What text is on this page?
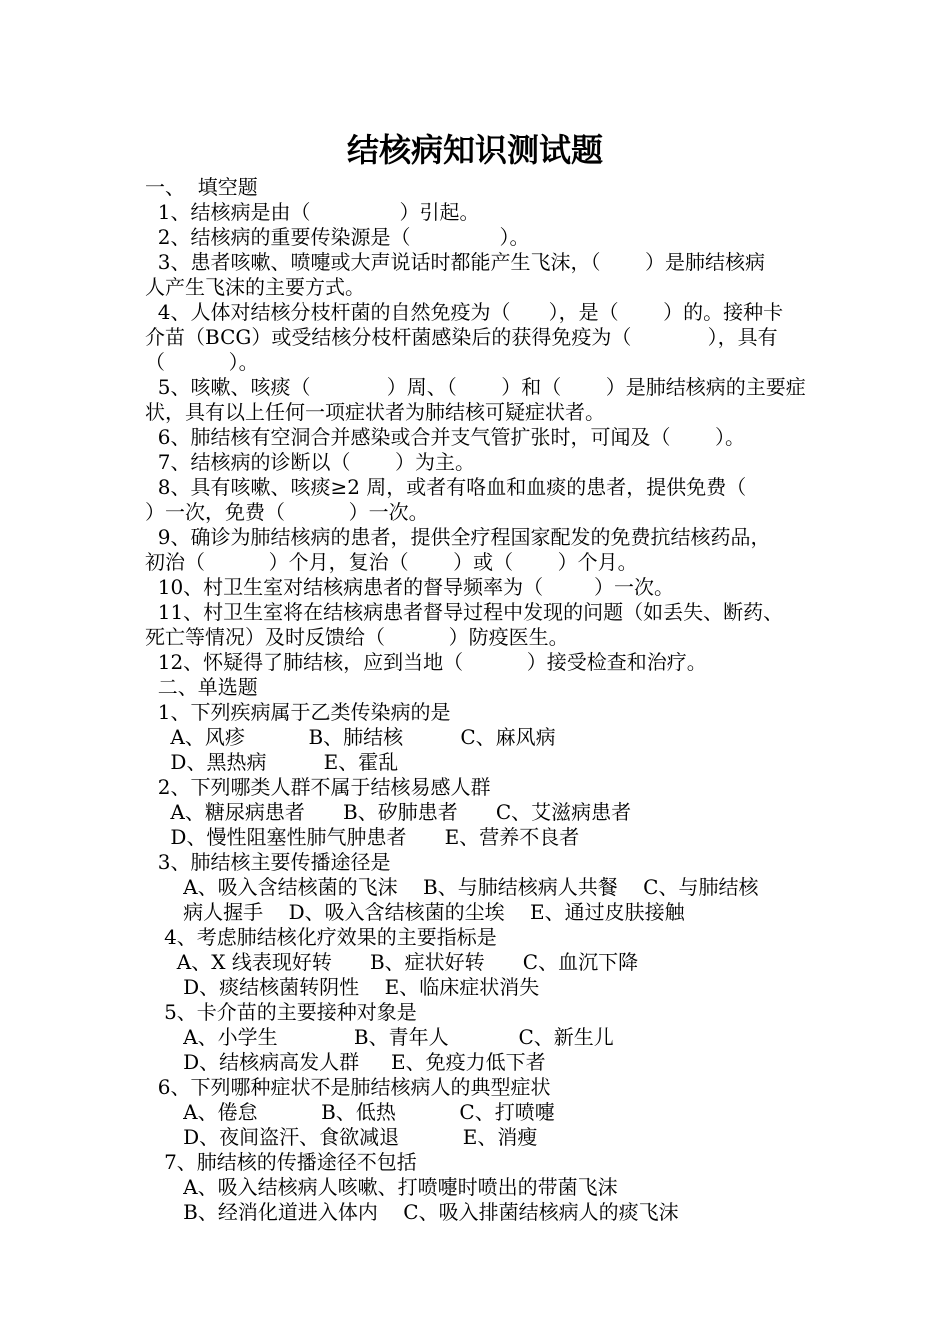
结核病知识测试题
一、  填空题
1、结核病是由（              ）引起。
2、结核病的重要传染源是（              ）。
3、患者咳嗽、喷嚏或大声说话时都能产生飞沫，（       ）是肺结核病
人产生飞沫的主要方式。
4、人体对结核分枝杆菌的自然免疫为（      ），是（       ）的。接种卡
介苗（BCG）或受结核分枝杆菌感染后的获得免疫为（            ），具有
（          ）。
5、咳嗽、咳痰（            ）周、（       ）和（       ）是肺结核病的主要症
状，具有以上任何一项症状者为肺结核可疑症状者。
6、肺结核有空洞合并感染或合并支气管扩张时，可闻及（       ）。
7、结核病的诊断以（       ）为主。
8、具有咳嗽、咳痰≥2 周，或者有咯血和血痰的患者，提供免费（
）一次，免费（          ）一次。
9、确诊为肺结核病的患者，提供全疗程国家配发的免费抗结核药品，
初治（          ）个月，复治（       ）或（       ）个月。
10、村卫生室对结核病患者的督导频率为（        ）一次。
11、村卫生室将在结核病患者督导过程中发现的问题（如丢失、断药、
死亡等情况）及时反馈给（          ）防疫医生。
12、怀疑得了肺结核，应到当地（          ）接受检查和治疗。
二、单选题
1、下列疾病属于乙类传染病的是
A、风疹          B、肺结核         C、麻风病
D、黑热病         E、霍乱
2、下列哪类人群不属于结核易感人群
A、糖尿病患者      B、矽肺患者      C、艾滋病患者
D、慢性阻塞性肺气肿患者      E、营养不良者
3、肺结核主要传播途径是
A、吸入含结核菌的飞沫    B、与肺结核病人共餐    C、与肺结核
病人握手    D、吸入含结核菌的尘埃    E、通过皮肤接触
4、考虑肺结核化疗效果的主要指标是
A、X 线表现好转      B、症状好转      C、血沉下降
D、痰结核菌转阴性    E、临床症状消失
5、卡介苗的主要接种对象是
A、小学生            B、青年人           C、新生儿
D、结核病高发人群     E、免疫力低下者
6、下列哪种症状不是肺结核病人的典型症状
A、倦怠          B、低热          C、打喷嚏
D、夜间盗汗、食欲减退          E、消瘦
7、肺结核的传播途径不包括
A、吸入结核病人咳嗽、打喷嚏时喷出的带菌飞沫
B、经消化道进入体内    C、吸入排菌结核病人的痰飞沫
